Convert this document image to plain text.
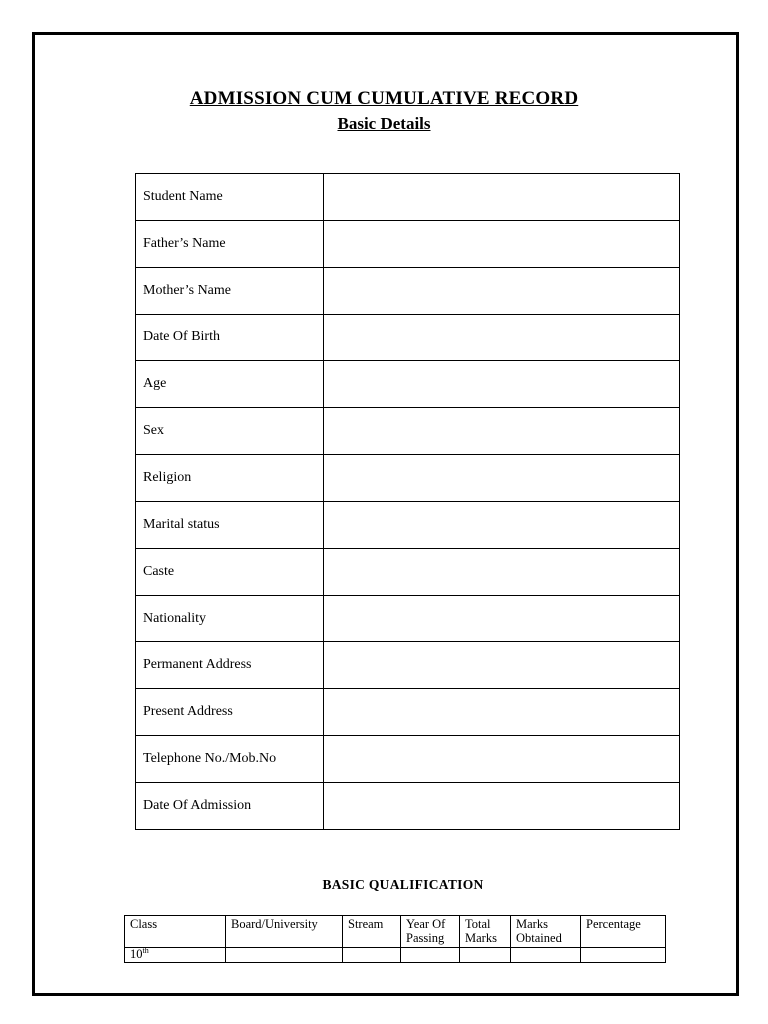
ADMISSION CUM CUMULATIVE RECORD
Basic Details
Student Name	
Father’s Name	
Mother’s Name	
Date Of Birth	
Age	
Sex	
Religion	
Marital status	
Caste	
Nationality	
Permanent Address	
Present Address	
Telephone No./Mob.No	
Date Of Admission	
BASIC QUALIFICATION
Class	Board/University	Stream	Year Of Passing	Total Marks	Marks Obtained	Percentage
10th						
